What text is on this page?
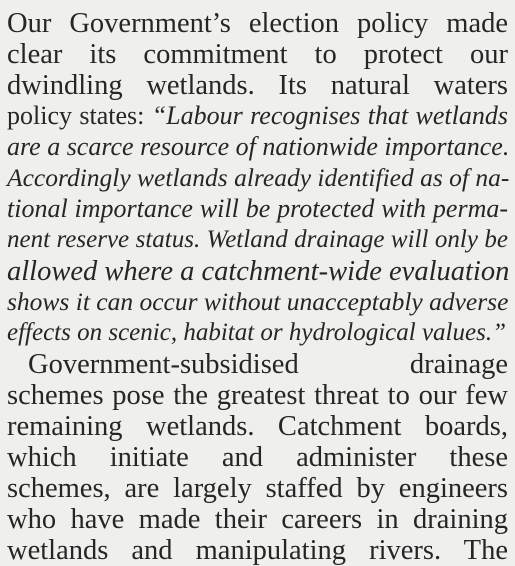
Our Government’s election policy made
clear its commitment to protect our
dwindling wetlands. Its natural waters
policy states: “Labour recognises that wetlands
are a scarce resource of nationwide importance.
Accordingly wetlands already identified as of na-
tional importance will be protected with perma-
nent reserve status. Wetland drainage will only be
allowed where a catchment-wide evaluation
shows it can occur without unacceptably adverse
effects on scenic, habitat or hydrological values.”
Government-subsidised drainage
schemes pose the greatest threat to our few
remaining wetlands. Catchment boards,
which initiate and administer these
schemes, are largely staffed by engineers
who have made their careers in draining
wetlands and manipulating rivers. The
